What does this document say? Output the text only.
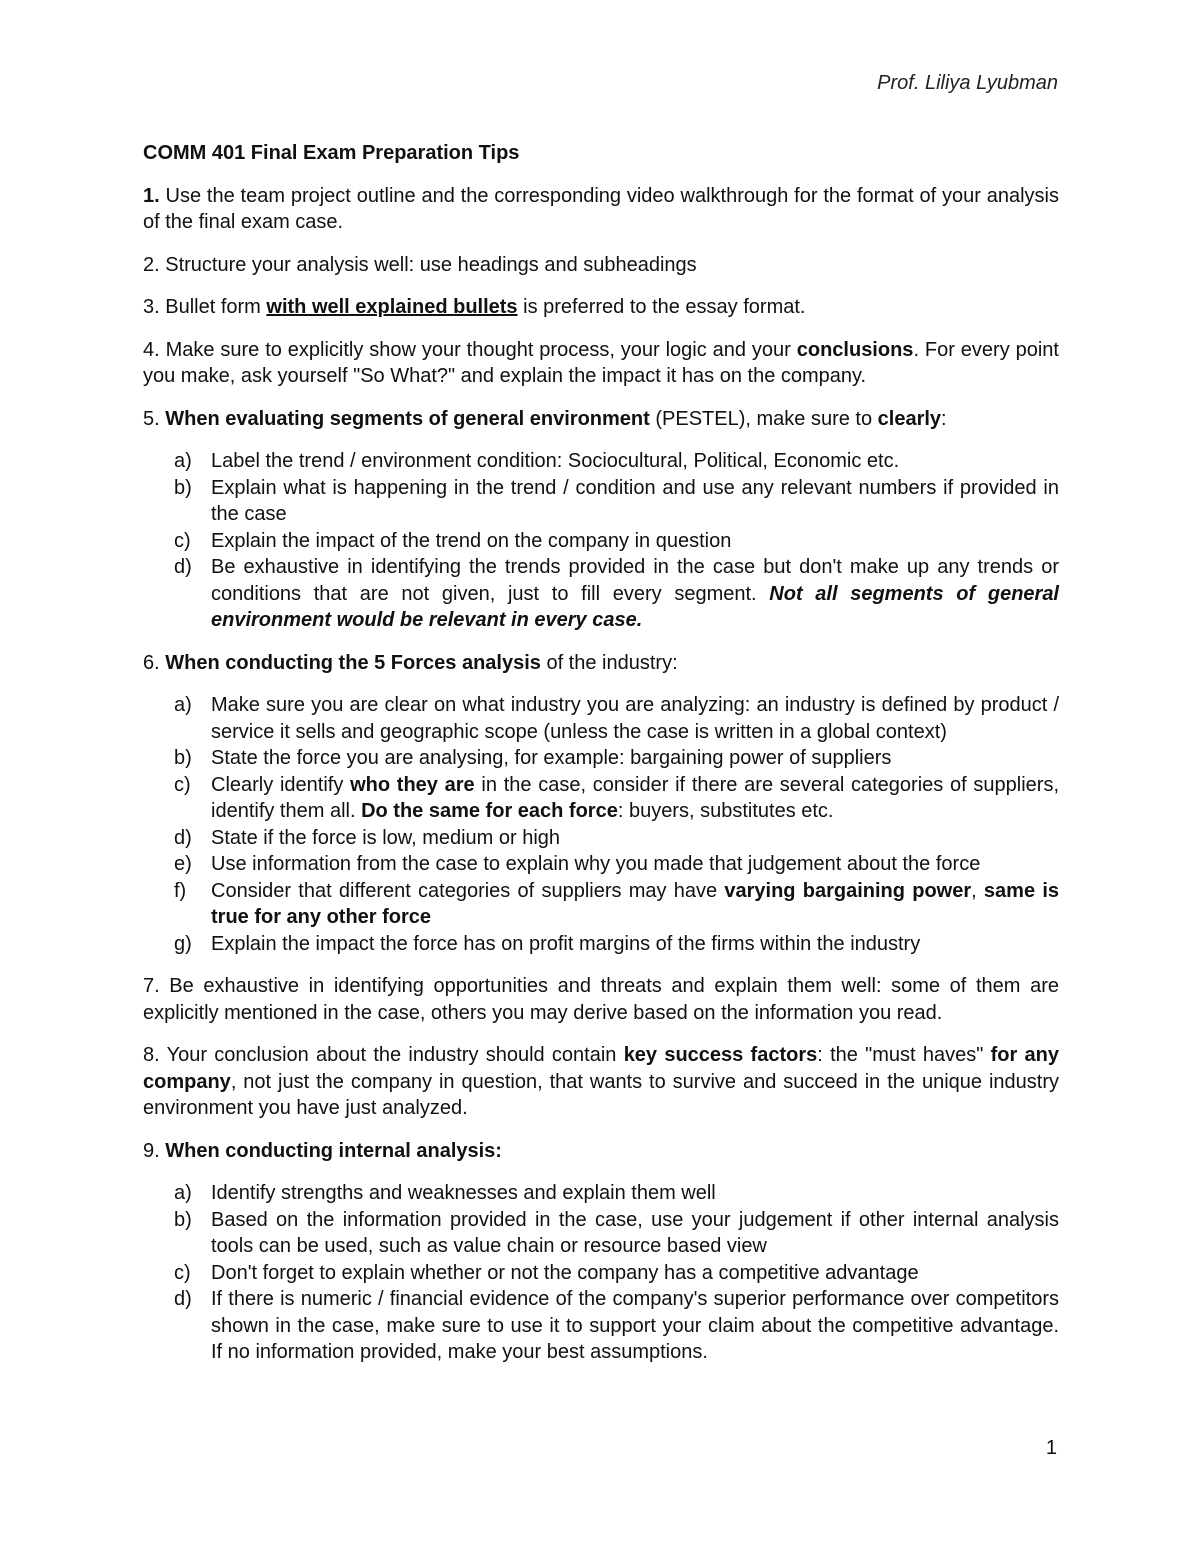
Prof. Liliya Lyubman
COMM 401 Final Exam Preparation Tips

1. Use the team project outline and the corresponding video walkthrough for the format of your analysis of the final exam case.

2. Structure your analysis well: use headings and subheadings

3. Bullet form with well explained bullets is preferred to the essay format.

4. Make sure to explicitly show your thought process, your logic and your conclusions. For every point you make, ask yourself "So What?" and explain the impact it has on the company.

5. When evaluating segments of general environment (PESTEL), make sure to clearly:

a) Label the trend / environment condition: Sociocultural, Political, Economic etc.
b) Explain what is happening in the trend / condition and use any relevant numbers if provided in the case
c) Explain the impact of the trend on the company in question
d) Be exhaustive in identifying the trends provided in the case but don't make up any trends or conditions that are not given, just to fill every segment. Not all segments of general environment would be relevant in every case.

6. When conducting the 5 Forces analysis of the industry:

a) Make sure you are clear on what industry you are analyzing: an industry is defined by product / service it sells and geographic scope (unless the case is written in a global context)
b) State the force you are analysing, for example: bargaining power of suppliers
c) Clearly identify who they are in the case, consider if there are several categories of suppliers, identify them all. Do the same for each force: buyers, substitutes etc.
d) State if the force is low, medium or high
e) Use information from the case to explain why you made that judgement about the force
f) Consider that different categories of suppliers may have varying bargaining power, same is true for any other force
g) Explain the impact the force has on profit margins of the firms within the industry

7. Be exhaustive in identifying opportunities and threats and explain them well: some of them are explicitly mentioned in the case, others you may derive based on the information you read.

8. Your conclusion about the industry should contain key success factors: the "must haves" for any company, not just the company in question, that wants to survive and succeed in the unique industry environment you have just analyzed.

9. When conducting internal analysis:

a) Identify strengths and weaknesses and explain them well
b) Based on the information provided in the case, use your judgement if other internal analysis tools can be used, such as value chain or resource based view
c) Don't forget to explain whether or not the company has a competitive advantage
d) If there is numeric / financial evidence of the company's superior performance over competitors shown in the case, make sure to use it to support your claim about the competitive advantage. If no information provided, make your best assumptions.
1
